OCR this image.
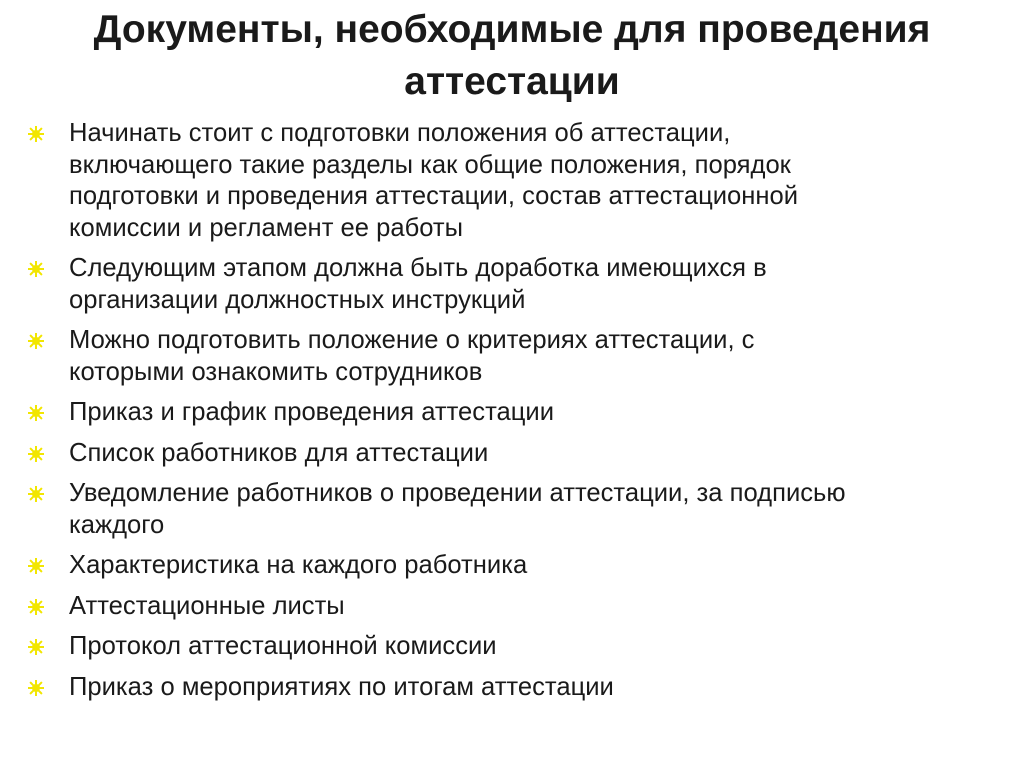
Документы, необходимые для проведения
аттестации
Начинать стоит с подготовки положения об аттестации,
включающего такие разделы как общие положения, порядок
подготовки и проведения аттестации, состав аттестационной
комиссии и регламент ее работы
Следующим этапом должна быть доработка имеющихся в
организации должностных инструкций
Можно подготовить положение о критериях аттестации, с
которыми ознакомить сотрудников
Приказ и график проведения аттестации
Список работников для аттестации
Уведомление работников о проведении аттестации, за подписью
каждого
Характеристика на каждого работника
Аттестационные листы
Протокол аттестационной комиссии
Приказ о мероприятиях по итогам аттестации
